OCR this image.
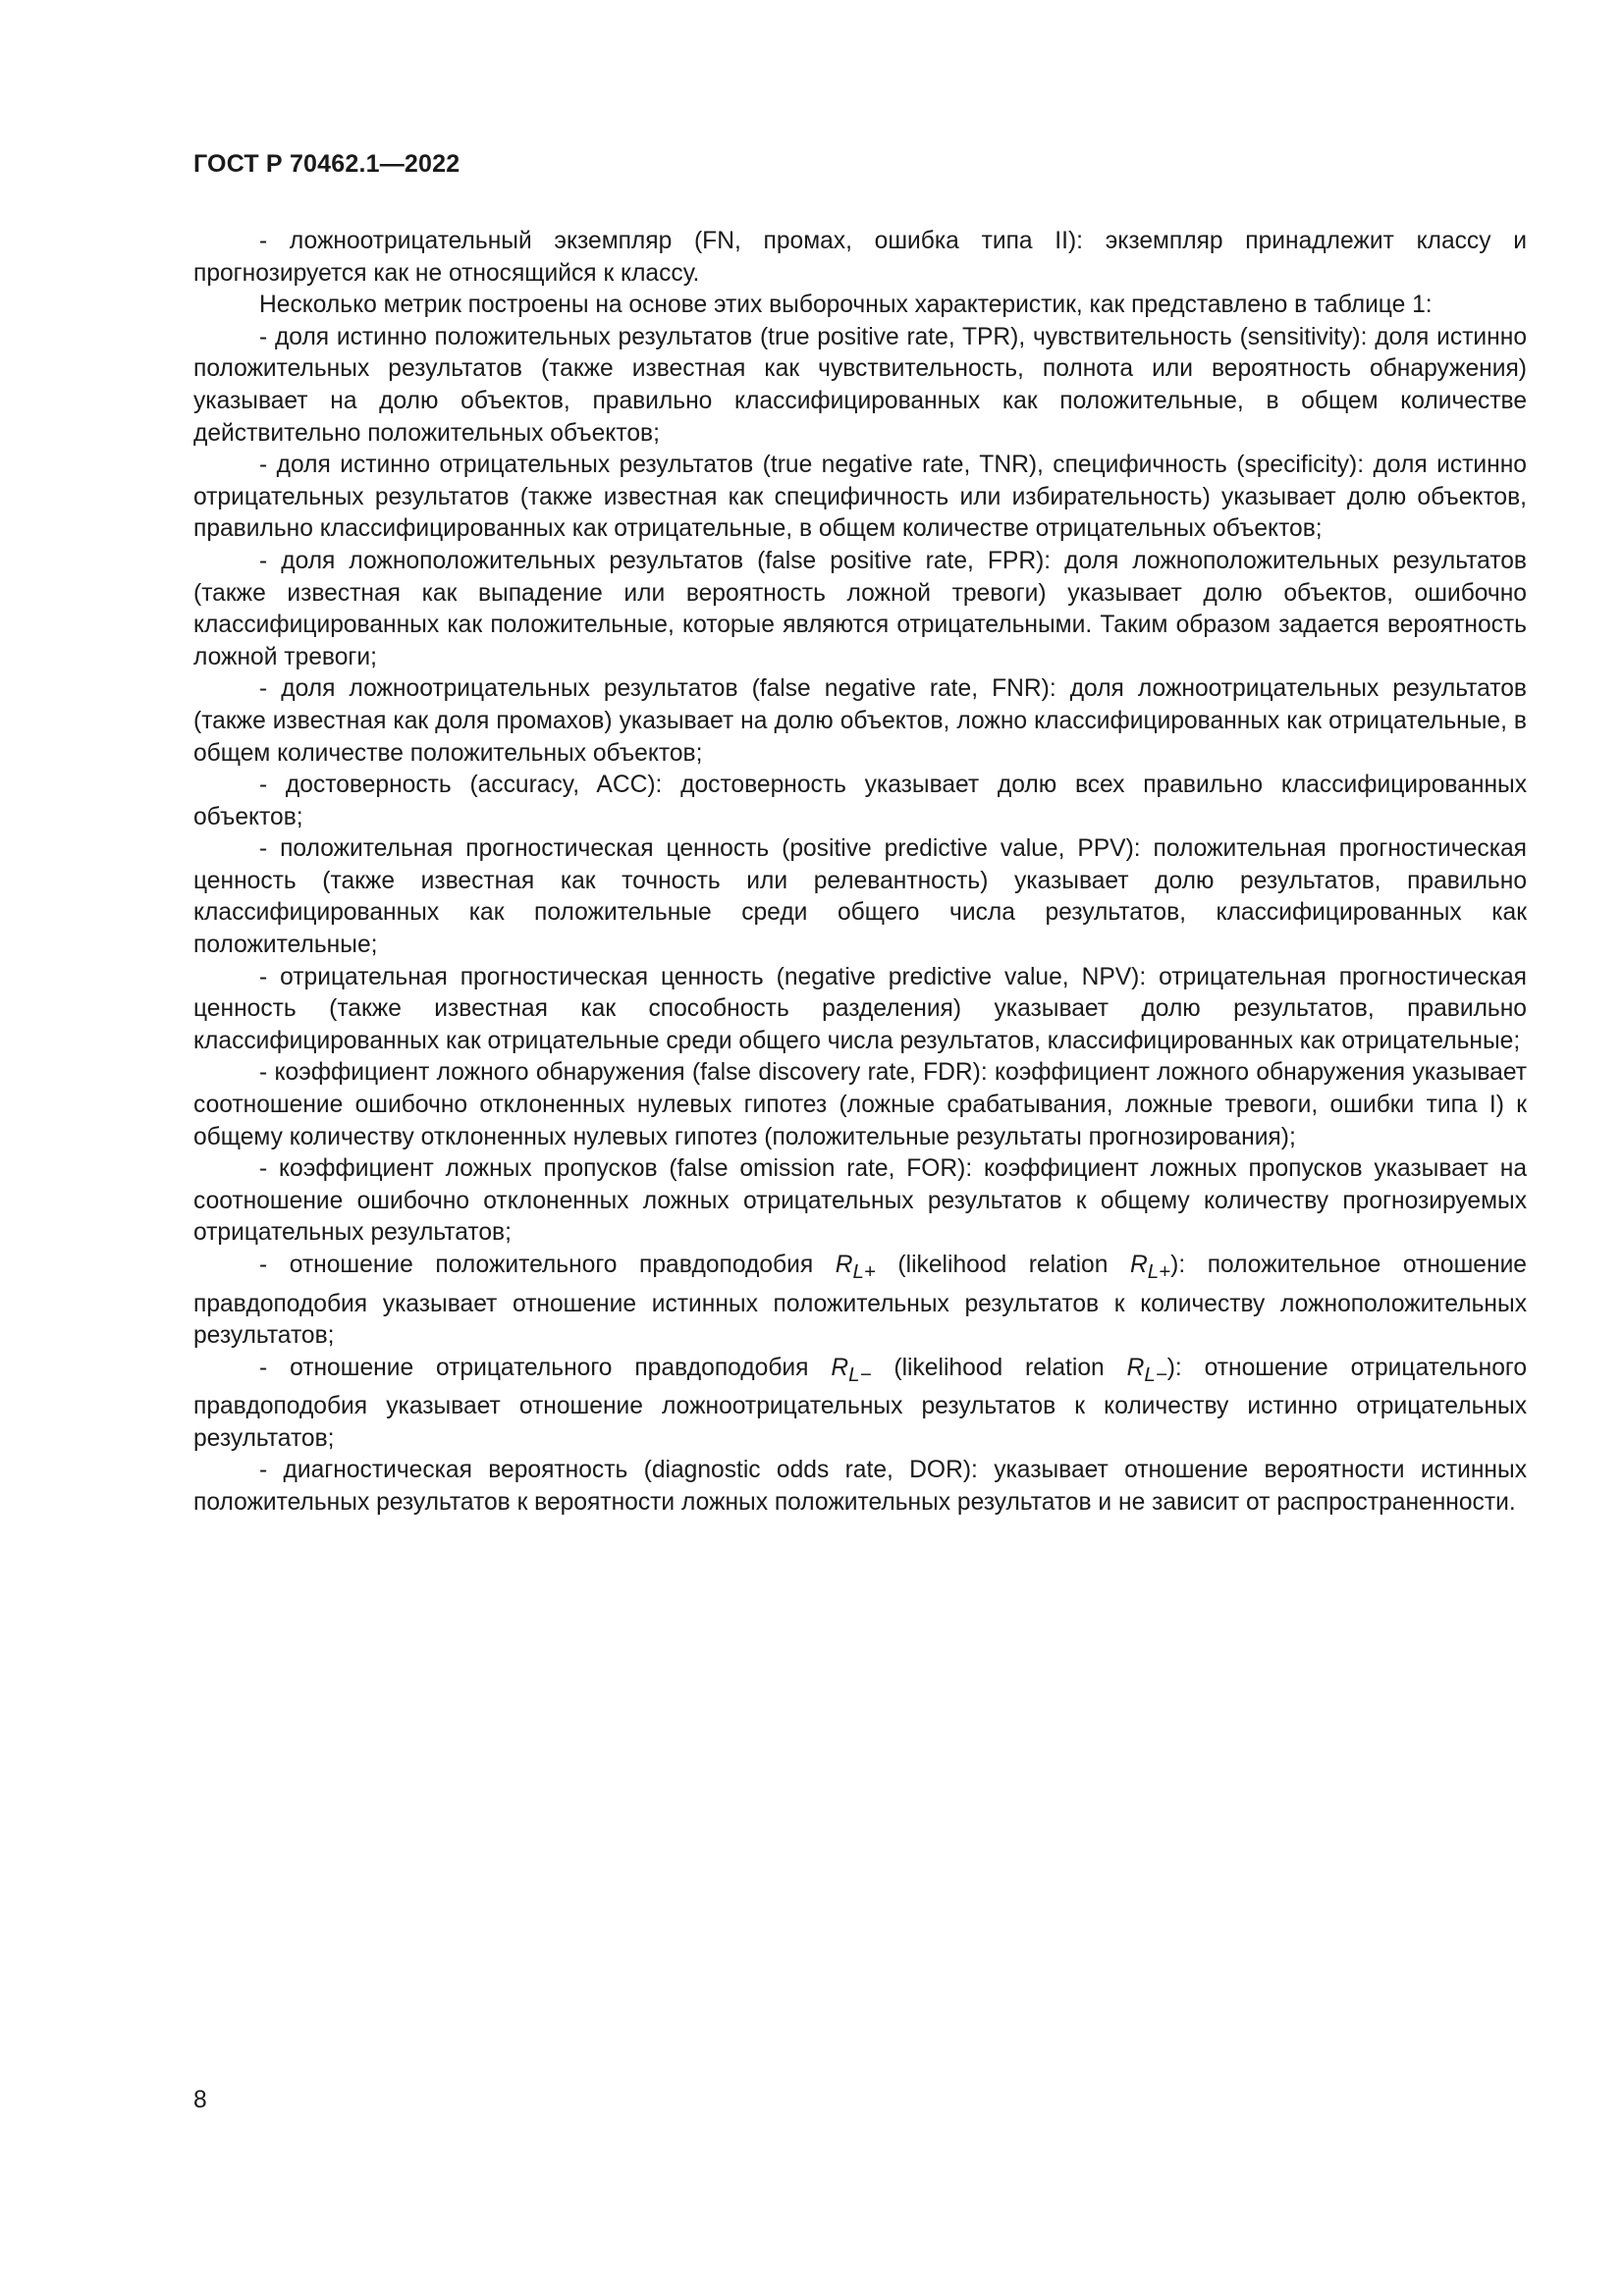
ГОСТ Р 70462.1—2022

- ложноотрицательный экземпляр (FN, промах, ошибка типа II): экземпляр принадлежит классу и прогнозируется как не относящийся к классу.

Несколько метрик построены на основе этих выборочных характеристик, как представлено в таблице 1:

- доля истинно положительных результатов (true positive rate, TPR), чувствительность (sensitivity): доля истинно положительных результатов (также известная как чувствительность, полнота или вероятность обнаружения) указывает на долю объектов, правильно классифицированных как положительные, в общем количестве действительно положительных объектов;

- доля истинно отрицательных результатов (true negative rate, TNR), специфичность (specificity): доля истинно отрицательных результатов (также известная как специфичность или избирательность) указывает долю объектов, правильно классифицированных как отрицательные, в общем количестве отрицательных объектов;

- доля ложноположительных результатов (false positive rate, FPR): доля ложноположительных результатов (также известная как выпадение или вероятность ложной тревоги) указывает долю объектов, ошибочно классифицированных как положительные, которые являются отрицательными. Таким образом задается вероятность ложной тревоги;

- доля ложноотрицательных результатов (false negative rate, FNR): доля ложноотрицательных результатов (также известная как доля промахов) указывает на долю объектов, ложно классифицированных как отрицательные, в общем количестве положительных объектов;

- достоверность (accuracy, ACC): достоверность указывает долю всех правильно классифицированных объектов;

- положительная прогностическая ценность (positive predictive value, PPV): положительная прогностическая ценность (также известная как точность или релевантность) указывает долю результатов, правильно классифицированных как положительные среди общего числа результатов, классифицированных как положительные;

- отрицательная прогностическая ценность (negative predictive value, NPV): отрицательная прогностическая ценность (также известная как способность разделения) указывает долю результатов, правильно классифицированных как отрицательные среди общего числа результатов, классифицированных как отрицательные;

- коэффициент ложного обнаружения (false discovery rate, FDR): коэффициент ложного обнаружения указывает соотношение ошибочно отклоненных нулевых гипотез (ложные срабатывания, ложные тревоги, ошибки типа I) к общему количеству отклоненных нулевых гипотез (положительные результаты прогнозирования);

- коэффициент ложных пропусков (false omission rate, FOR): коэффициент ложных пропусков указывает на соотношение ошибочно отклоненных ложных отрицательных результатов к общему количеству прогнозируемых отрицательных результатов;

- отношение положительного правдоподобия $R_{L+}$ (likelihood relation $R_{L+}$): положительное отношение правдоподобия указывает отношение истинных положительных результатов к количеству ложноположительных результатов;

- отношение отрицательного правдоподобия $R_{L-}$ (likelihood relation $R_{L-}$): отношение отрицательного правдоподобия указывает отношение ложноотрицательных результатов к количеству истинно отрицательных результатов;

- диагностическая вероятность (diagnostic odds rate, DOR): указывает отношение вероятности истинных положительных результатов к вероятности ложных положительных результатов и не зависит от распространенности.

8
